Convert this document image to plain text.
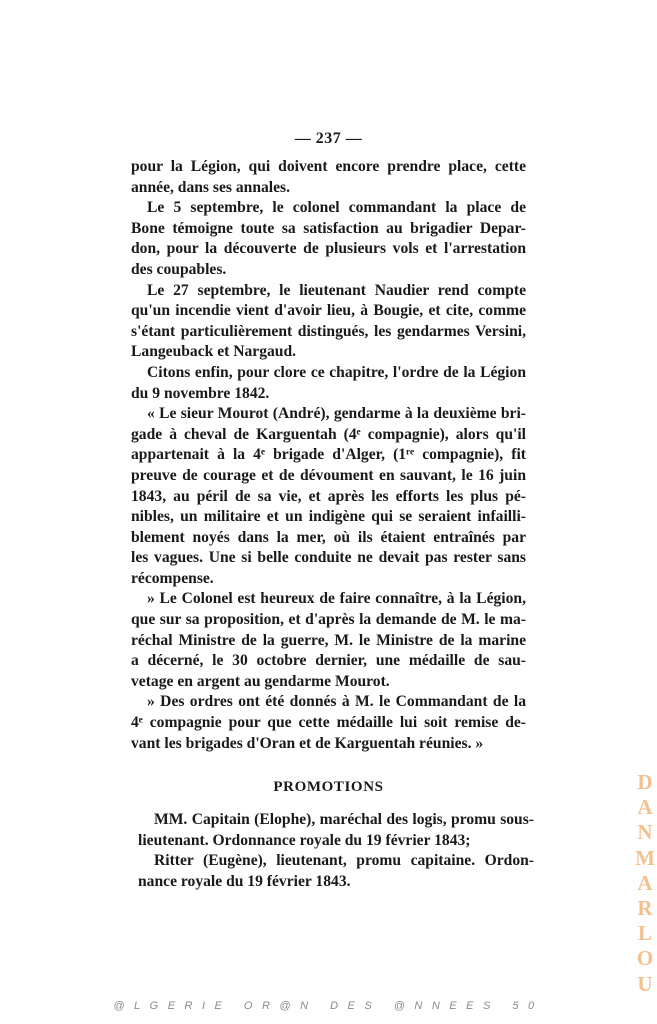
— 237 —
pour la Légion, qui doivent encore prendre place, cette
année, dans ses annales.
Le 5 septembre, le colonel commandant la place de
Bone témoigne toute sa satisfaction au brigadier Depar-
don, pour la découverte de plusieurs vols et l'arrestation
des coupables.
Le 27 septembre, le lieutenant Naudier rend compte
qu'un incendie vient d'avoir lieu, à Bougie, et cite, comme
s'étant particulièrement distingués, les gendarmes Versini,
Langeuback et Nargaud.
Citons enfin, pour clore ce chapitre, l'ordre de la Légion
du 9 novembre 1842.
« Le sieur Mourot (André), gendarme à la deuxième bri-
gade à cheval de Karguentah (4ᵉ compagnie), alors qu'il
appartenait à la 4ᵉ brigade d'Alger, (1ʳᵉ compagnie), fit
preuve de courage et de dévoument en sauvant, le 16 juin
1843, au péril de sa vie, et après les efforts les plus pé-
nibles, un militaire et un indigène qui se seraient infailli-
blement noyés dans la mer, où ils étaient entraînés par
les vagues. Une si belle conduite ne devait pas rester sans
récompense.
» Le Colonel est heureux de faire connaître, à la Légion,
que sur sa proposition, et d'après la demande de M. le ma-
réchal Ministre de la guerre, M. le Ministre de la marine
a décerné, le 30 octobre dernier, une médaille de sau-
vetage en argent au gendarme Mourot.
» Des ordres ont été donnés à M. le Commandant de la
4ᵉ compagnie pour que cette médaille lui soit remise de-
vant les brigades d'Oran et de Karguentah réunies. »
PROMOTIONS
MM. Capitain (Elophe), maréchal des logis, promu sous-
lieutenant. Ordonnance royale du 19 février 1843;
Ritter (Eugène), lieutenant, promu capitaine. Ordon-
nance royale du 19 février 1843.
D
A
N
M
A
R
L
O
U
@LGERIE OR@N DES @NNEES 50
